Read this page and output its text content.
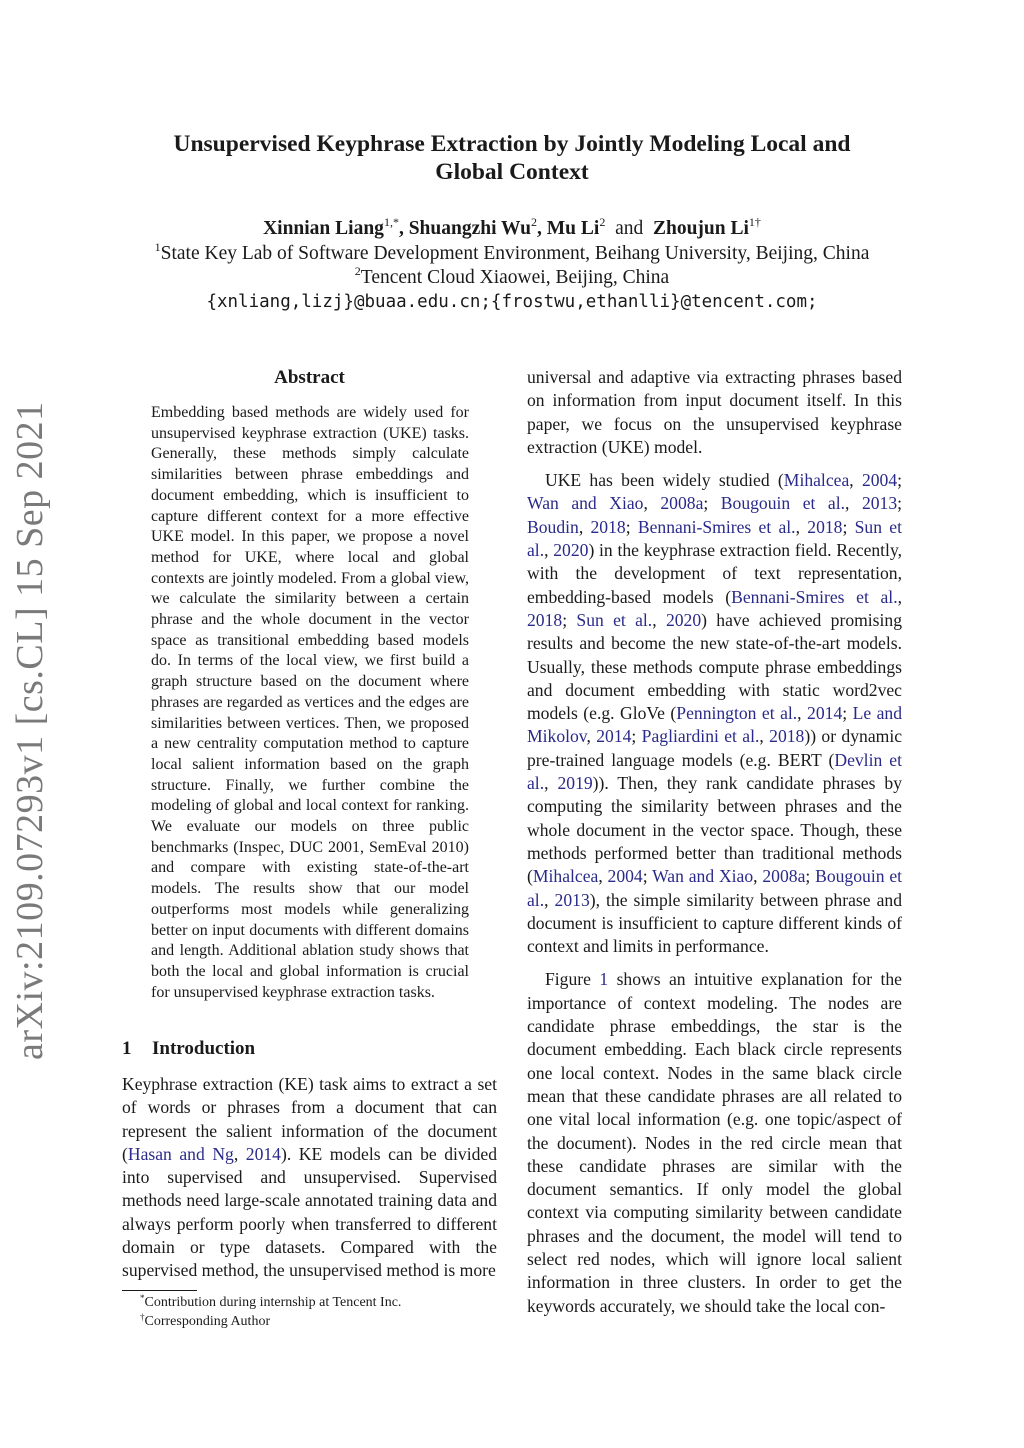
arXiv:2109.07293v1 [cs.CL] 15 Sep 2021
Unsupervised Keyphrase Extraction by Jointly Modeling Local and
Global Context
Xinnian Liang$^{1,*}$, Shuangzhi Wu$^2$, Mu Li$^2$ and Zhoujun $Li^{1\dagger}$
$^1$State Key Lab of Software Development Environment, Beihang University, Beijing, China
$^2$Tencent Cloud Xiaowei, Beijing, China
{xnliang,lizj}@buaa.edu.cn;{frostwu,ethanlli}@tencent.com;
Abstract

Embedding based methods are widely used for unsupervised keyphrase extraction (UKE) tasks. Generally, these methods simply calculate similarities between phrase embeddings and document embedding, which is insufficient to capture different context for a more effective UKE model. In this paper, we propose a novel method for UKE, where local and global contexts are jointly modeled. From a global view, we calculate the similarity between a certain phrase and the whole document in the vector space as transitional embedding based models do. In terms of the local view, we first build a graph structure based on the document where phrases are regarded as vertices and the edges are similarities between vertices. Then, we proposed a new centrality computation method to capture local salient information based on the graph structure. Finally, we further combine the modeling of global and local context for ranking. We evaluate our models on three public benchmarks (Inspec, DUC 2001, SemEval 2010) and compare with existing state-of-the-art models. The results show that our model outperforms most models while generalizing better on input documents with different domains and length. Additional ablation study shows that both the local and global information is crucial for unsupervised keyphrase extraction tasks.

1 Introduction

Keyphrase extraction (KE) task aims to extract a set of words or phrases from a document that can represent the salient information of the document (Hasan and Ng, 2014). KE models can be divided into supervised and unsupervised. Supervised methods need large-scale annotated training data and always perform poorly when transferred to different domain or type datasets. Compared with the supervised method, the unsupervised method is more

*Contribution during internship at Tencent Inc.
†Corresponding Author

universal and adaptive via extracting phrases based on information from input document itself. In this paper, we focus on the unsupervised keyphrase extraction (UKE) model.

UKE has been widely studied (Mihalcea, 2004; Wan and Xiao, 2008a; Bougouin et al., 2013; Boudin, 2018; Bennani-Smires et al., 2018; Sun et al., 2020) in the keyphrase extraction field. Recently, with the development of text representation, embedding-based models (Bennani-Smires et al., 2018; Sun et al., 2020) have achieved promising results and become the new state-of-the-art models. Usually, these methods compute phrase embeddings and document embedding with static word2vec models (e.g. GloVe (Pennington et al., 2014; Le and Mikolov, 2014; Pagliardini et al., 2018)) or dynamic pre-trained language models (e.g. BERT (Devlin et al., 2019)). Then, they rank candidate phrases by computing the similarity between phrases and the whole document in the vector space. Though, these methods performed better than traditional methods (Mihalcea, 2004; Wan and Xiao, 2008a; Bougouin et al., 2013), the simple similarity between phrase and document is insufficient to capture different kinds of context and limits in performance.

Figure 1 shows an intuitive explanation for the importance of context modeling. The nodes are candidate phrase embeddings, the star is the document embedding. Each black circle represents one local context. Nodes in the same black circle mean that these candidate phrases are all related to one vital local information (e.g. one topic/aspect of the document). Nodes in the red circle mean that these candidate phrases are similar with the document semantics. If only model the global context via computing similarity between candidate phrases and the document, the model will tend to select red nodes, which will ignore local salient information in three clusters. In order to get the keywords accurately, we should take the local con-
